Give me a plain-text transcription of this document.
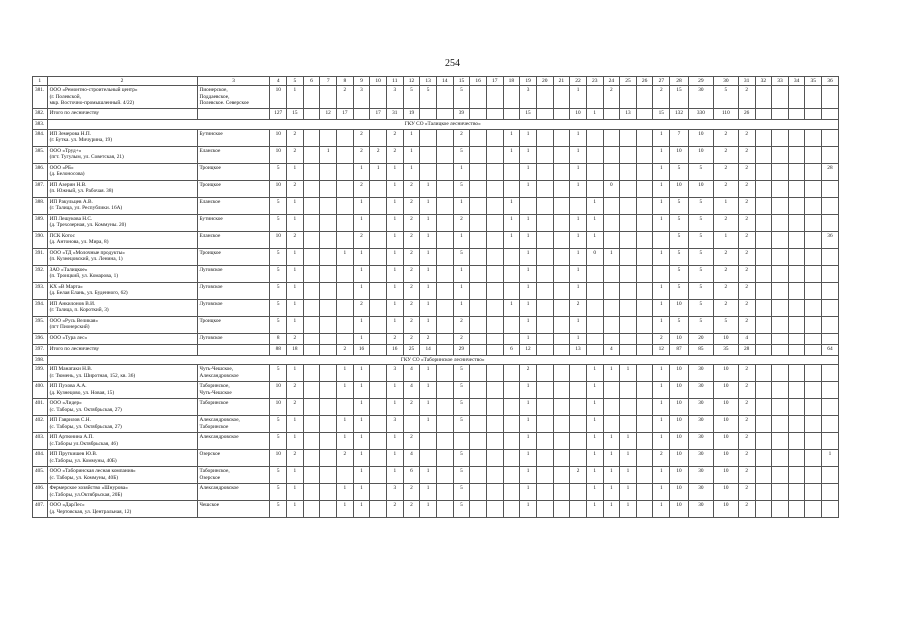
254
1	2	3	4	5	6	7	8	9	10	11	12	13	14	15	16	17	18	19	20	21	22	23	24	25	26	27	28	29	30	31	32	33	34	35	36
381.	ООО «Ремонтно-строительный центр»
(г. Полевской,
мкр. Восточно-промышленный. 4/22)	Пионерское,
Поддаевское,
Полевское. Северское	10	1			2	3		3	5	5		5				3			1		2			2	15	30	5	2					
382.	Итого по лесничеству		127	15		12	17		17	31	19			39				15			10	1		13		15	132	330	110	26					
383.	ГКУ СО «Талицкое лесничество»																																		
384.	ИП Земерова Н.П.
(г. Буткa. ул. Мичурина, 19)	Бутинское	10	2				2		2	1			2			1	1			1					1	7	10	2	2					
385.	ООО «Труд+»
(пгт. Тугулым, ул. Советская, 21)	Еланское	10	2		1		2	2	2	1			5			1	1			1					1	10	10	2	2					
386.	ООО «РБ»
(д. Белоносова)	Троицкое	5	1				1	1	1	1			1				1			1					1	5	5	2	2					28
387.	ИП Азерин Н.В.
(п. Южный, ул. Рабочая. 38)	Троицкое	10	2				2		1	2	1		5				1			1		0			1	10	10	2	2					
388.	ИП Ракульцев А.В.
(г. Талица, ул. Республики. 16А)	Еланское	5	1				1		1	2	1		1			1					1				1	5	5	1	2					
389.	ИП Лешукова Н.С.
(д. Трехозерная, ул. Коммуны. 20)	Бутинское	5	1				1		1	2	1		2			1	1			1	1				1	5	5	2	2					
390.	ПСК Котос
(д. Антонова, ул. Мира, 8)	Еланское	10	2				2		1	2	1		1			1	1			1	1					5	5	1	2					36
391.	ООО «ТД «Молочные продукты»
(п. Кузнецовский, ул. Ленина, 1)	Троицкое	5	1			1	1		1	2	1		5				1			1	0	1			1	5	5	2	2					
392.	ЗАО «Талицкое»
(п. Троицкий, ул. Комарова, 1)	Луговское	5	1				1		1	2	1		1				1			1						5	5	2	2					
393.	КХ «В Марта»
(д. Белая Елань, ул. Буденного, 62)	Луговское	5	1				1		1	2	1		1				1			1					1	5	5	2	2					
394.	ИП Анкилонов В.И.
(г. Талица, п. Короткий, 3)	Луговское	5	1				2		1	2	1		1			1	1			2					1	10	5	2	2					
395.	ООО «Русь Великая»
(пгт Пионерский)	Троицкое	5	1				1		1	2	1		2				1			1					1	5	5	5	2					
396.	ООО «Тура лес»	Луговское	8	2				1		2	2	2		2				1			1					2	10	20	10	4					
397.	Итого по лесничеству		88	18			2	16		16	25	14		29			6	12			13		4			12	87	85	35	28					64
398.	ГКУ СО «Таборинское лесничество»																																		
399.	ИП Манатаки Н.В.
(г. Тюмень, ул. Широтная, 152, кв. 36)	Чуть-Чешское,
Александровское	5	1			1	1		3	4	1		5				2				1	1	1		1	10	30	10	2					
400.	ИП Пухова А.А.
(д. Кузнецово, ул. Новая, 15)	Таборинское,
Чуть-Чешское	10	2			1	1		1	4	1		5				1				1				1	10	30	10	2					
401.	ООО «Лидер»
(с. Таборы, ул. Октябрьская, 27)	Таборинское	10	2				1		1	2	1		5				1				1				1	10	30	10	2					
402.	ИП Гаврилов С.Н.
(с. Таборы, ул. Октябрьская, 27)	Александровское,
Таборинское	5	1			1	1		3		1		5				1				1				1	10	30	10	2					
403.	ИП Артюнина А.П.
(с.Таборы ул.Октябрьская, 46)	Александровское	5	1			1	1		1	2							1				1	1	1		1	10	30	10	2					
404.	ИП Пруткишев Ю.В.
(с.Таборы, ул. Коммуны, 40Б)	Озерское	10	2			2	1		1	4			5				1				1	1	1		2	10	30	10	2					1
405.	ООО «Таборинская лесная компания»
(с. Таборы, ул. Коммуны, 40Б)	Таборинское,
Озерское	5	1				1		1	6	1		5				1			2	1	1	1		1	10	30	10	2					
406.	Фермерское хозяйство «Шнурова»
(с.Таборы, ул.Октябрьская, 20Б)	Александровское	5	1			1	1		3	2	1		5				1				1	1	1		1	10	30	10	2					
407.	ООО «ДарЛес»
(д. Чертовская, ул. Центральная, 12)	Чешское	5	1			1	1		2	2	1		5				1				1	1	1		1	10	30	10	2					
